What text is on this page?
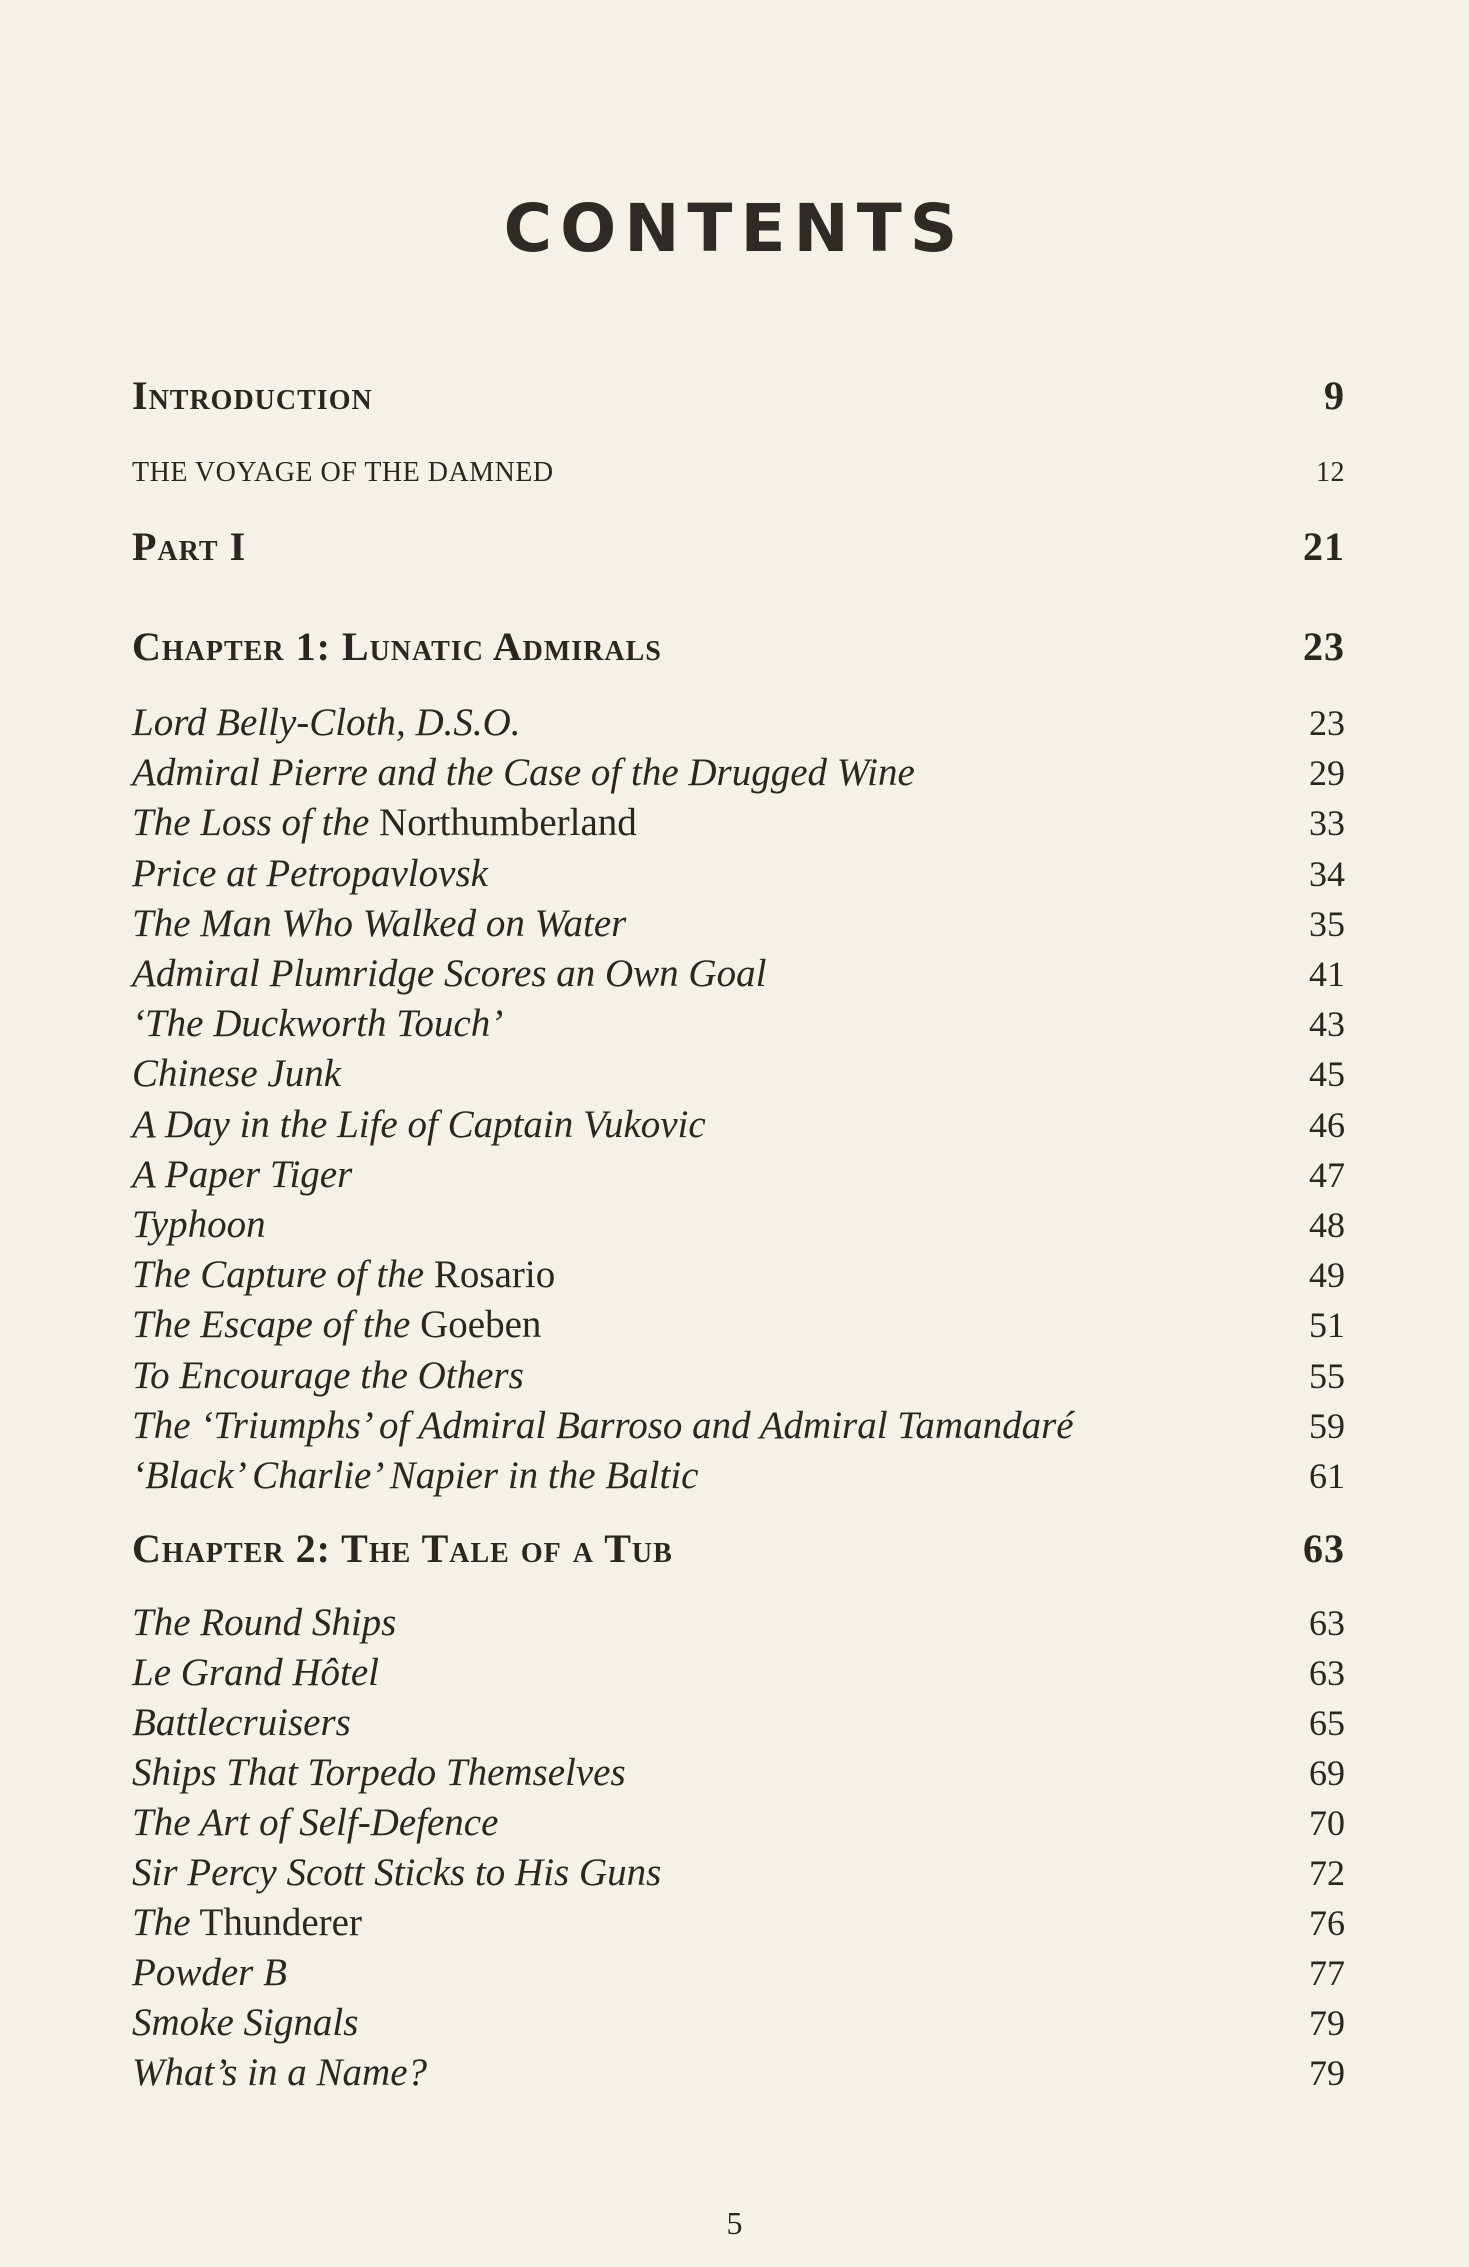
CONTENTS
Introduction	9
THE VOYAGE OF THE DAMNED	12
Part I	21
Chapter 1: Lunatic Admirals	23
Lord Belly-Cloth, D.S.O.	23
Admiral Pierre and the Case of the Drugged Wine	29
The Loss of the Northumberland	33
Price at Petropavlovsk	34
The Man Who Walked on Water	35
Admiral Plumridge Scores an Own Goal	41
‘The Duckworth Touch’	43
Chinese Junk	45
A Day in the Life of Captain Vukovic	46
A Paper Tiger	47
Typhoon	48
The Capture of the Rosario	49
The Escape of the Goeben	51
To Encourage the Others	55
The ‘Triumphs’ of Admiral Barroso and Admiral Tamandaré	59
‘Black’ Charlie’ Napier in the Baltic	61
Chapter 2: The Tale of a Tub	63
The Round Ships	63
Le Grand Hôtel	63
Battlecruisers	65
Ships That Torpedo Themselves	69
The Art of Self-Defence	70
Sir Percy Scott Sticks to His Guns	72
The Thunderer	76
Powder B	77
Smoke Signals	79
What’s in a Name?	79
5
